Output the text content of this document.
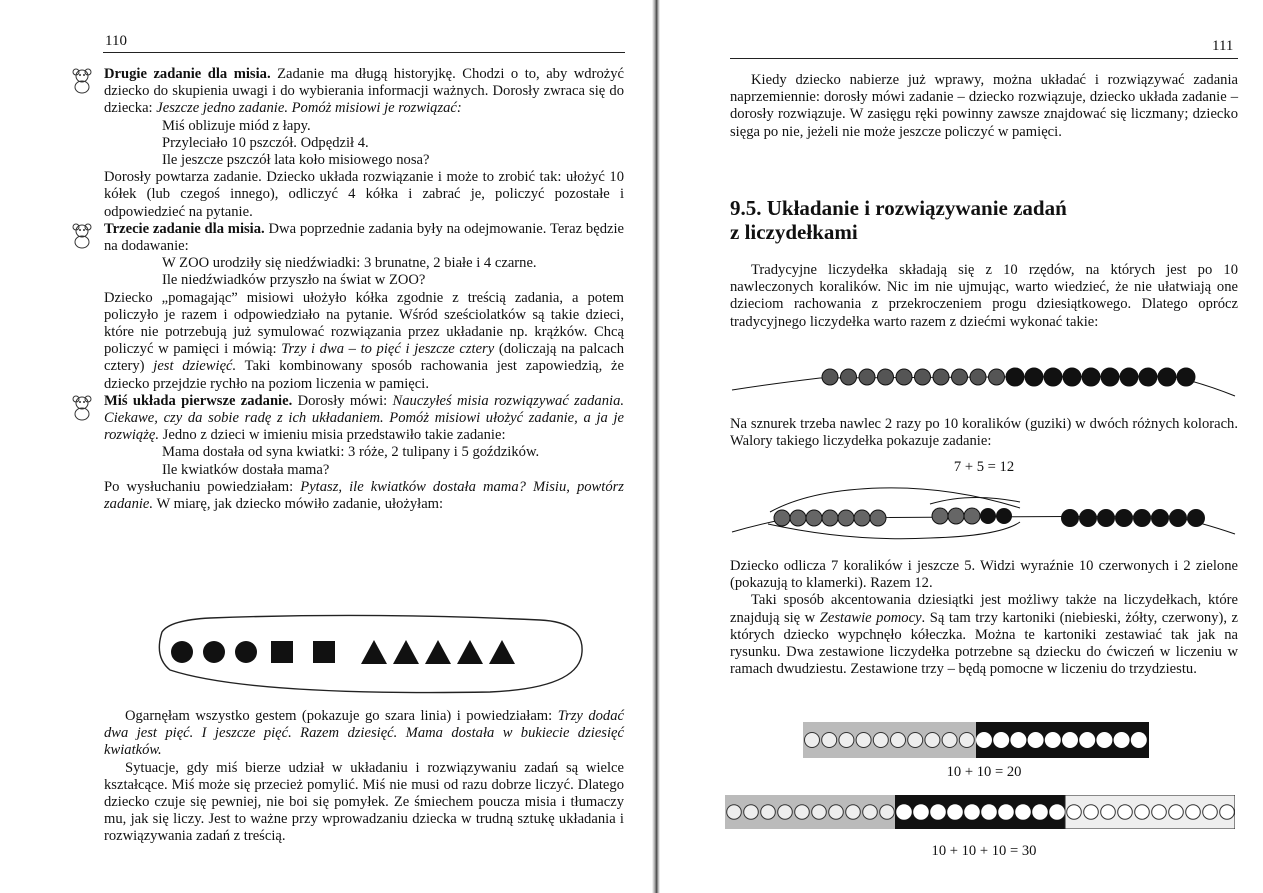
110

Drugie zadanie dla misia. Zadanie ma długą historyjkę. Chodzi o to, aby wdrożyć dziecko do skupienia uwagi i do wybierania informacji ważnych. Dorosły zwraca się do dziecka: Jeszcze jedno zadanie. Pomóż misiowi je rozwiązać:

Miś oblizuje miód z łapy.

Przyleciało 10 pszczół. Odpędził 4.

Ile jeszcze pszczół lata koło misiowego nosa?

Dorosły powtarza zadanie. Dziecko układa rozwiązanie i może to zrobić tak: ułożyć 10 kółek (lub czegoś innego), odliczyć 4 kółka i zabrać je, policzyć pozostałe i odpowiedzieć na pytanie.

Trzecie zadanie dla misia. Dwa poprzednie zadania były na odejmowanie. Teraz będzie na dodawanie:

W ZOO urodziły się niedźwiadki: 3 brunatne, 2 białe i 4 czarne.

Ile niedźwiadków przyszło na świat w ZOO?

Dziecko „pomagając” misiowi ułożyło kółka zgodnie z treścią zadania, a potem policzyło je razem i odpowiedziało na pytanie. Wśród sześciolatków są takie dzieci, które nie potrzebują już symulować rozwiązania przez układanie np. krążków. Chcą policzyć w pamięci i mówią: Trzy i dwa – to pięć i jeszcze cztery (doliczają na palcach cztery) jest dziewięć. Taki kombinowany sposób rachowania jest zapowiedzią, że dziecko przejdzie rychło na poziom liczenia w pamięci.

Miś układa pierwsze zadanie. Dorosły mówi: Nauczyłeś misia rozwiązywać zadania. Ciekawe, czy da sobie radę z ich układaniem. Pomóż misiowi ułożyć zadanie, a ja je rozwiążę. Jedno z dzieci w imieniu misia przedstawiło takie zadanie:

Mama dostała od syna kwiatki: 3 róże, 2 tulipany i 5 goździków.

Ile kwiatków dostała mama?

Po wysłuchaniu powiedziałam: Pytasz, ile kwiatków dostała mama? Misiu, powtórz zadanie. W miarę, jak dziecko mówiło zadanie, ułożyłam:

Ogarnęłam wszystko gestem (pokazuje go szara linia) i powiedziałam: Trzy dodać dwa jest pięć. I jeszcze pięć. Razem dziesięć. Mama dostała w bukiecie dziesięć kwiatków.

Sytuacje, gdy miś bierze udział w układaniu i rozwiązywaniu zadań są wielce kształcące. Miś może się przecież pomylić. Miś nie musi od razu dobrze liczyć. Dlatego dziecko czuje się pewniej, nie boi się pomyłek. Ze śmiechem poucza misia i tłumaczy mu, jak się liczy. Jest to ważne przy wprowadzaniu dziecka w trudną sztukę układania i rozwiązywania zadań z treścią.

111

Kiedy dziecko nabierze już wprawy, można układać i rozwiązywać zadania naprzemiennie: dorosły mówi zadanie – dziecko rozwiązuje, dziecko układa zadanie – dorosły rozwiązuje. W zasięgu ręki powinny zawsze znajdować się liczmany; dziecko sięga po nie, jeżeli nie może jeszcze policzyć w pamięci.

9.5. Układanie i rozwiązywanie zadań
z liczydełkami

Tradycyjne liczydełka składają się z 10 rzędów, na których jest po 10 nawleczonych koralików. Nic im nie ujmując, warto wiedzieć, że nie ułatwiają one dzieciom rachowania z przekroczeniem progu dziesiątkowego. Dlatego oprócz tradycyjnego liczydełka warto razem z dziećmi wykonać takie:

Na sznurek trzeba nawlec 2 razy po 10 koralików (guziki) w dwóch różnych kolorach. Walory takiego liczydełka pokazuje zadanie:

7 + 5 = 12

Dziecko odlicza 7 koralików i jeszcze 5. Widzi wyraźnie 10 czerwonych i 2 zielone (pokazują to klamerki). Razem 12.

Taki sposób akcentowania dziesiątki jest możliwy także na liczydełkach, które znajdują się w Zestawie pomocy. Są tam trzy kartoniki (niebieski, żółty, czerwony), z których dziecko wypchnęło kółeczka. Można te kartoniki zestawiać tak jak na rysunku. Dwa zestawione liczydełka potrzebne są dziecku do ćwiczeń w liczeniu w ramach dwudziestu. Zestawione trzy – będą pomocne w liczeniu do trzydziestu.

10 + 10 = 20
10 + 10 + 10 = 30
